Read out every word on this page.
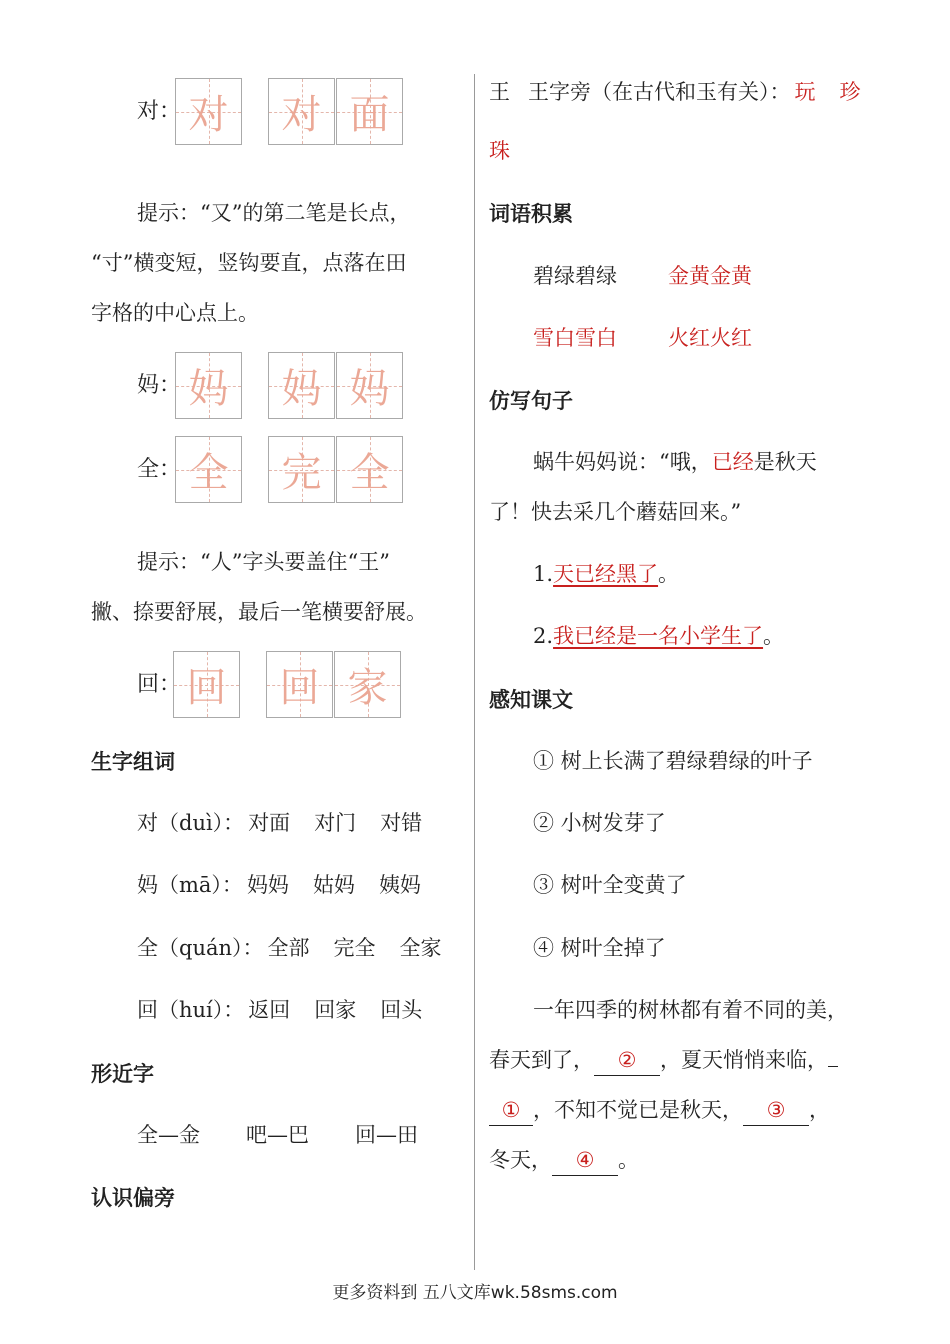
对： 对	对 面
提示：“又”的第二笔是长点，
“寸”横变短，竖钩要直，点落在田
字格的中心点上。
妈： 妈	妈 妈
全： 全	完 全
提示：“人”字头要盖住“王”
撇、捺要舒展，最后一笔横要舒展。
回： 回	回 家
生字组词
对（duì）： 对面 对门 对错
妈（mā）： 妈妈 姑妈 姨妈
全（quán）： 全部 完全 全家
回（huí）： 返回 回家 回头
形近字
全—金 吧—巴 回—田
认识偏旁
王 王字旁（在古代和玉有关）： 玩 珍
珠
词语积累
碧绿碧绿 金黄金黄
雪白雪白 火红火红
仿写句子
蜗牛妈妈说：“哦，已经是秋天
了！快去采几个蘑菇回来。”
1.天已经黑了。
2.我已经是一名小学生了。
感知课文
① 树上长满了碧绿碧绿的叶子
② 小树发芽了
③ 树叶全变黄了
④ 树叶全掉了
一年四季的树林都有着不同的美，
春天到了， ② ，夏天悄悄来临，
① ，不知不觉已是秋天， ③ ，
冬天， ④ 。
更多资料到 五八文库wk.58sms.com
